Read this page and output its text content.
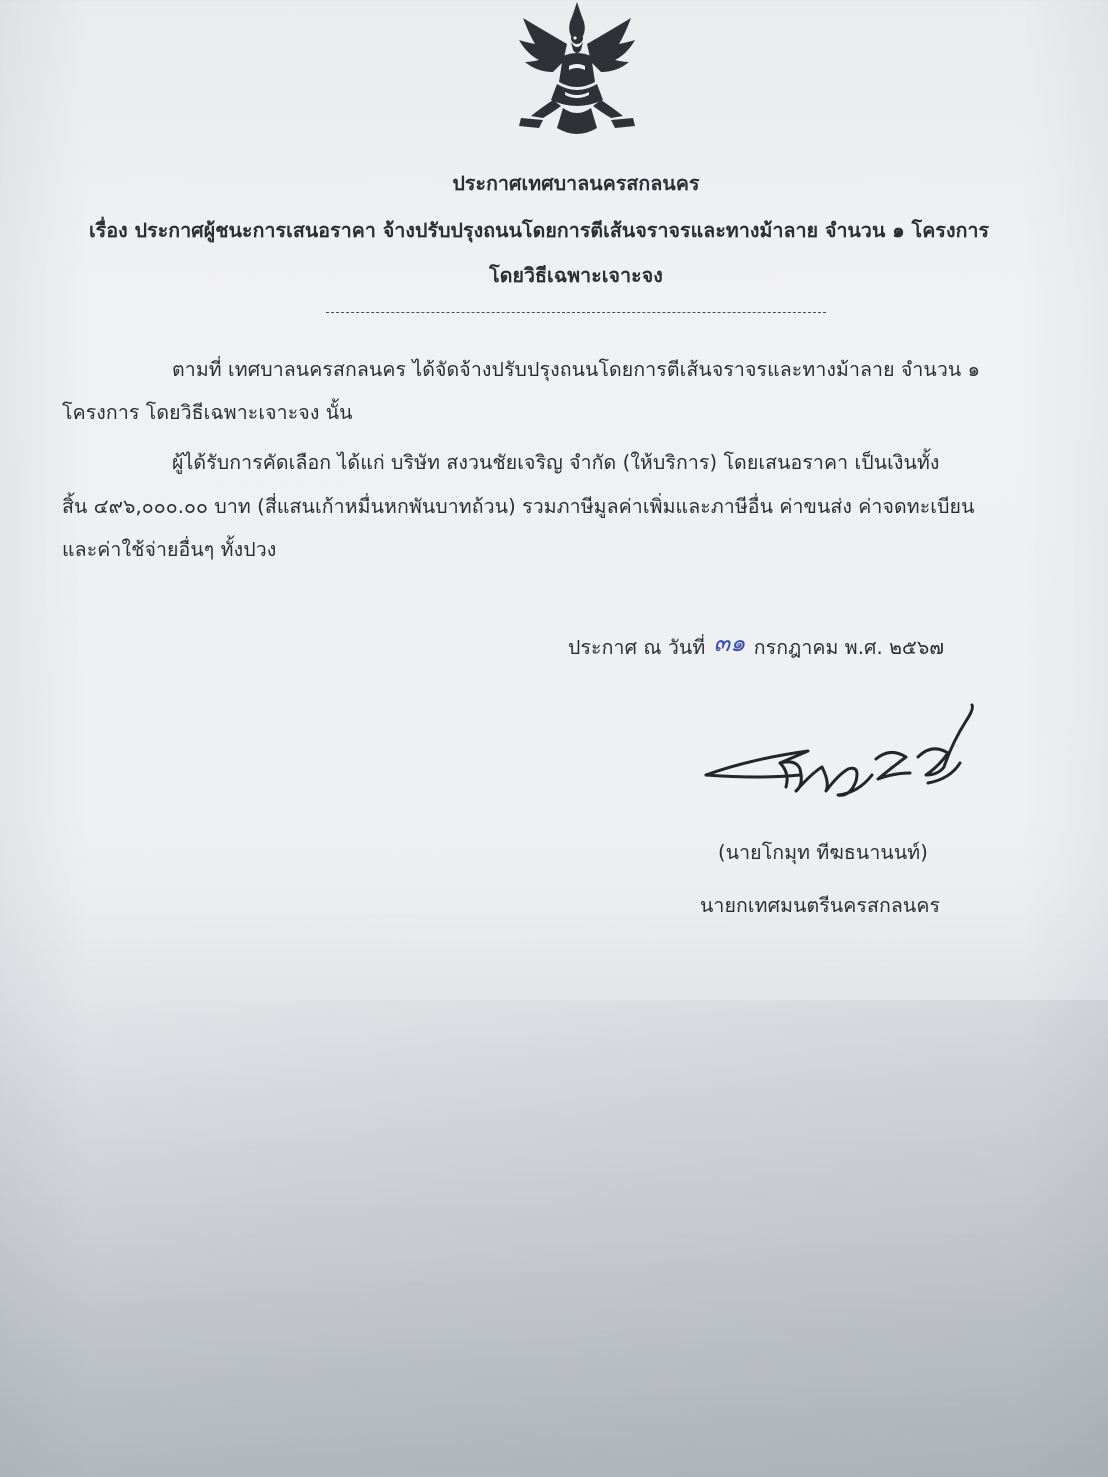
ประกาศเทศบาลนครสกลนคร
เรื่อง ประกาศผู้ชนะการเสนอราคา จ้างปรับปรุงถนนโดยการตีเส้นจราจรและทางม้าลาย จำนวน ๑ โครงการ
โดยวิธีเฉพาะเจาะจง
ตามที่ เทศบาลนครสกลนคร ได้จัดจ้างปรับปรุงถนนโดยการตีเส้นจราจรและทางม้าลาย จำนวน ๑
โครงการ โดยวิธีเฉพาะเจาะจง นั้น
ผู้ได้รับการคัดเลือก ได้แก่ บริษัท สงวนชัยเจริญ จำกัด (ให้บริการ) โดยเสนอราคา เป็นเงินทั้ง
สิ้น ๔๙๖,๐๐๐.๐๐ บาท (สี่แสนเก้าหมื่นหกพันบาทถ้วน) รวมภาษีมูลค่าเพิ่มและภาษีอื่น ค่าขนส่ง ค่าจดทะเบียน
และค่าใช้จ่ายอื่นๆ ทั้งปวง
ประกาศ ณ วันที่ ๓๑ กรกฎาคม พ.ศ. ๒๕๖๗
(นายโกมุท ทีฆธนานนท์)
นายกเทศมนตรีนครสกลนคร
